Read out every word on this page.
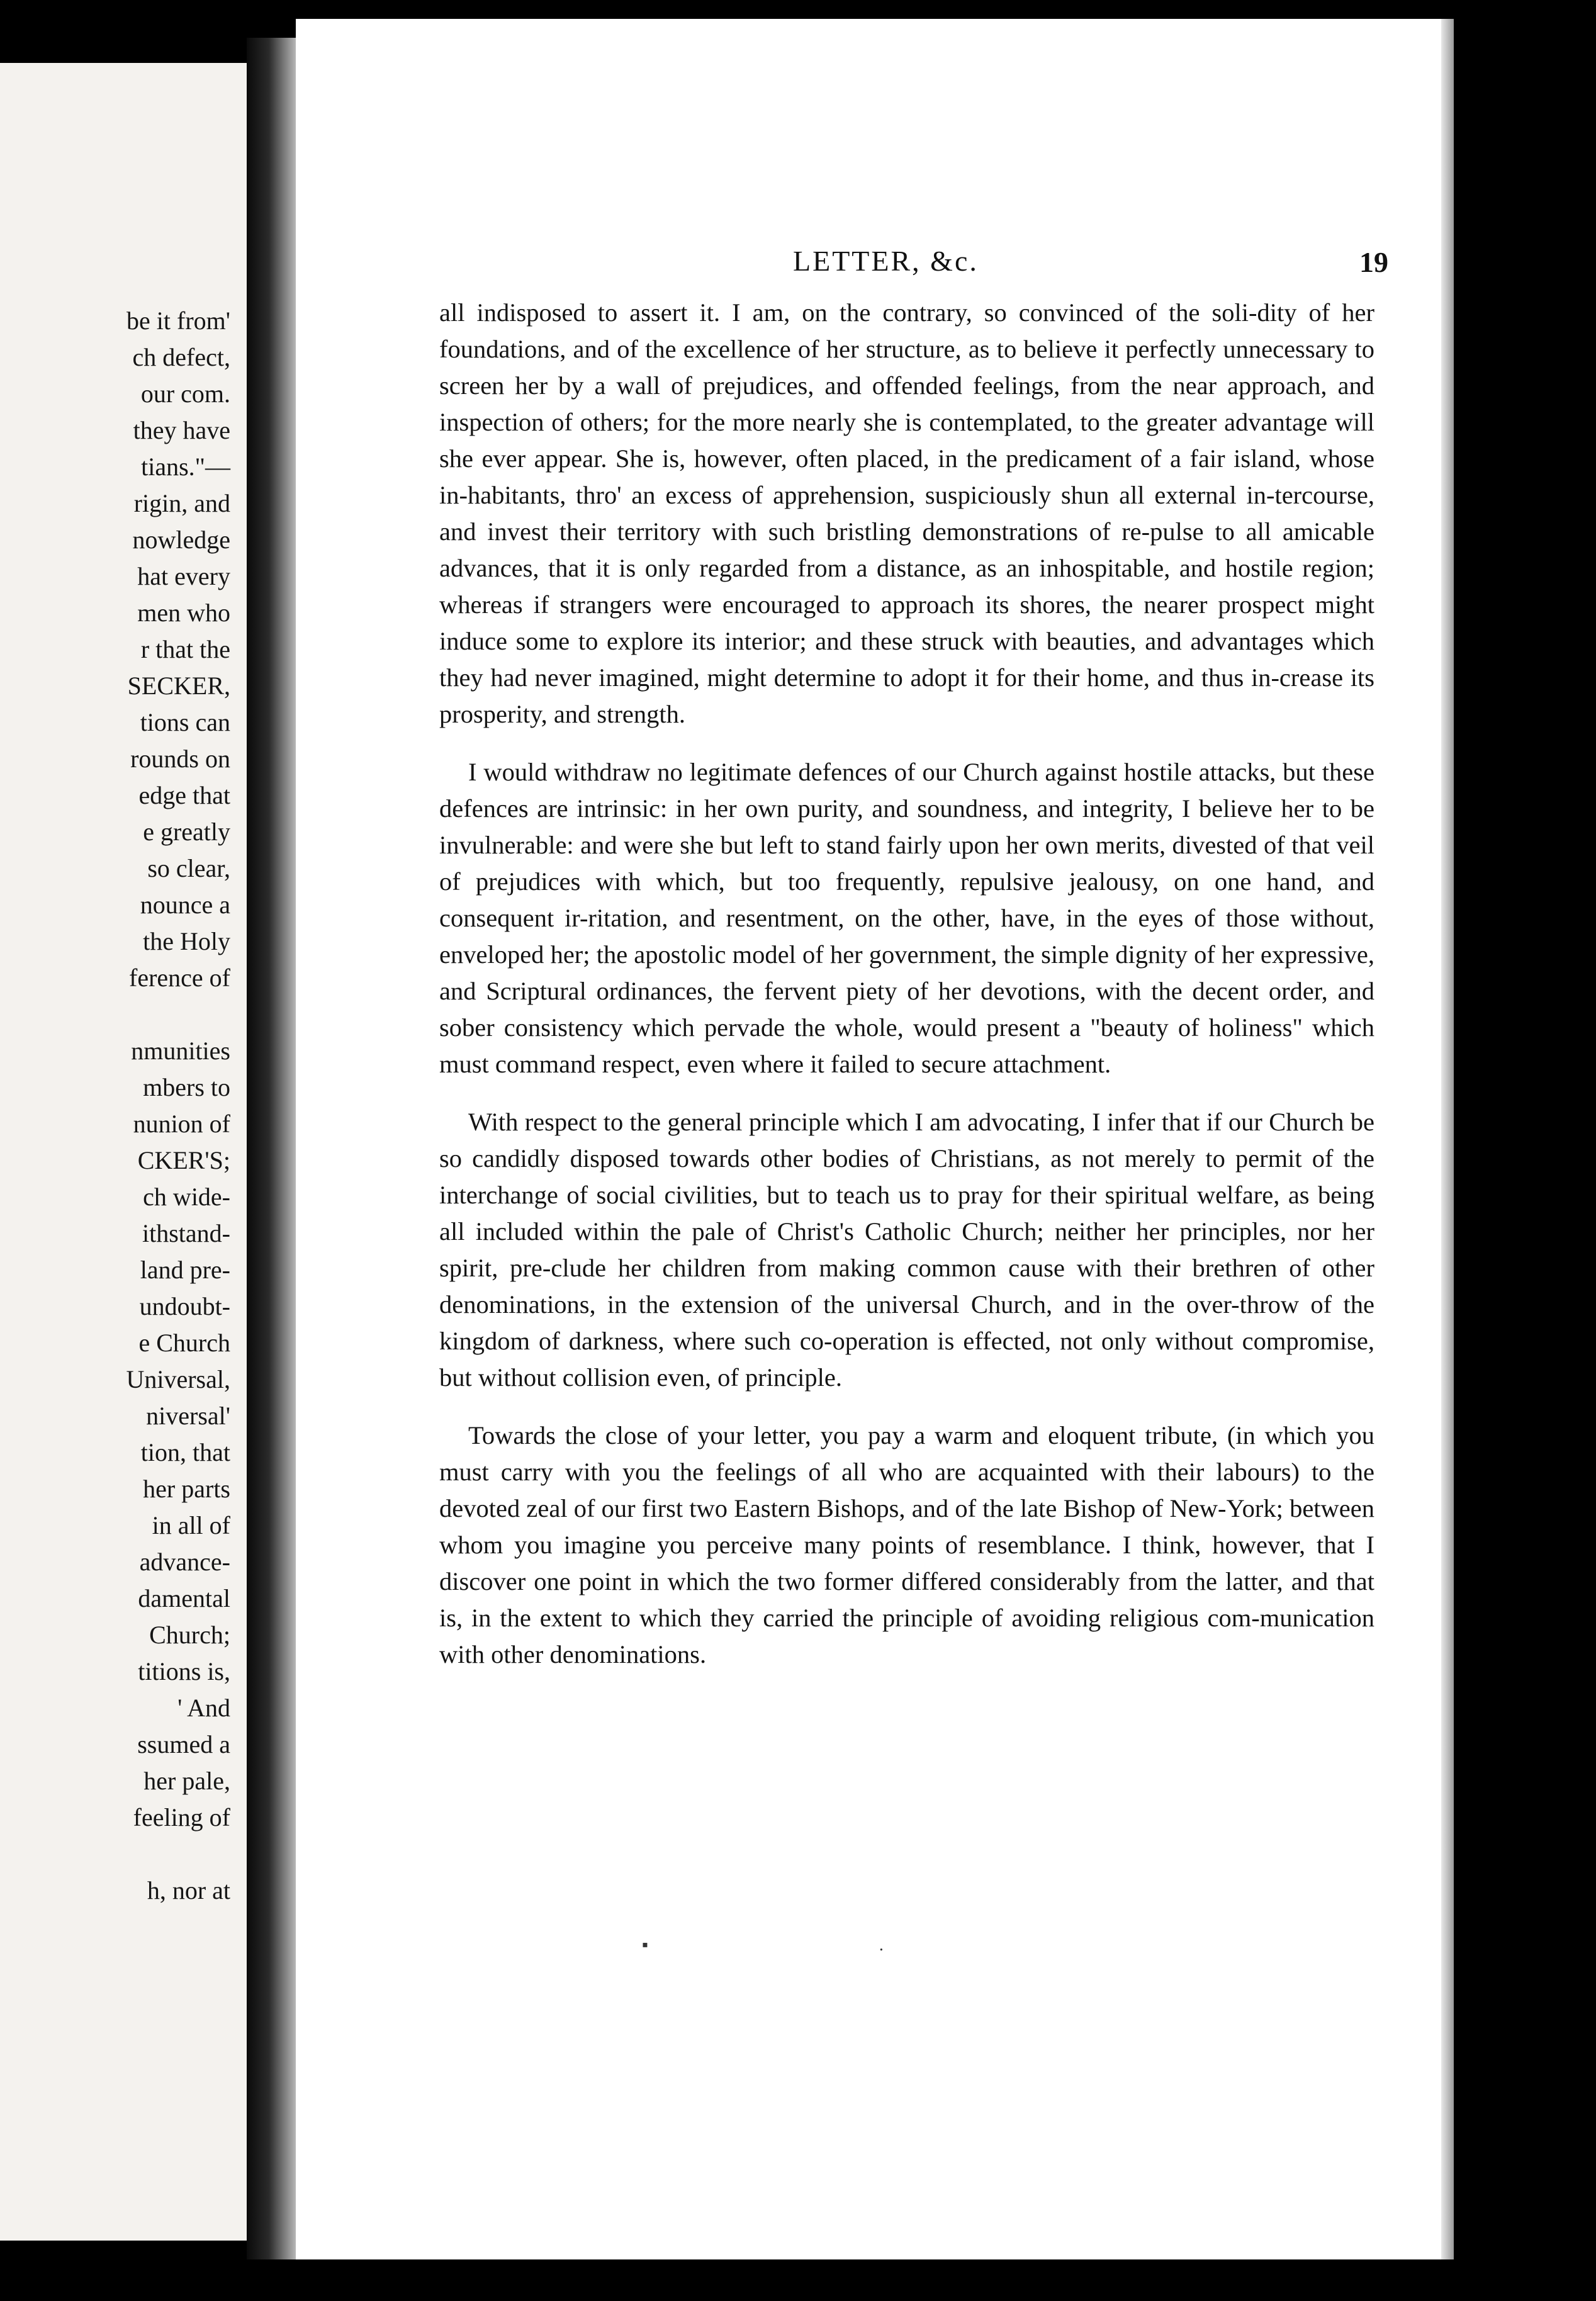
be it from'
ch defect,
our com.
they have
tians."—
rigin, and
nowledge
hat every
men who
r that the
SECKER,
tions can
rounds on
edge that
e greatly
so clear,
nounce a
the Holy
ference of
nmunities
mbers to
nunion of
CKER'S;
ch wide-
ithstand-
land pre-
undoubt-
e Church
Universal,
niversal'
tion, that
her parts
in all of
advance-
damental
Church;
titions is,
' And
ssumed a
her pale,
feeling of
h, nor at
LETTER, &c.	19

all indisposed to assert it. I am, on the contrary, so convinced of the soli-dity of her foundations, and of the excellence of her structure, as to believe it perfectly unnecessary to screen her by a wall of prejudices, and offended feelings, from the near approach, and inspection of others; for the more nearly she is contemplated, to the greater advantage will she ever appear. She is, however, often placed, in the predicament of a fair island, whose in-habitants, thro' an excess of apprehension, suspiciously shun all external in-tercourse, and invest their territory with such bristling demonstrations of re-pulse to all amicable advances, that it is only regarded from a distance, as an inhospitable, and hostile region; whereas if strangers were encouraged to approach its shores, the nearer prospect might induce some to explore its interior; and these struck with beauties, and advantages which they had never imagined, might determine to adopt it for their home, and thus in-crease its prosperity, and strength.

I would withdraw no legitimate defences of our Church against hostile attacks, but these defences are intrinsic: in her own purity, and soundness, and integrity, I believe her to be invulnerable: and were she but left to stand fairly upon her own merits, divested of that veil of prejudices with which, but too frequently, repulsive jealousy, on one hand, and consequent ir-ritation, and resentment, on the other, have, in the eyes of those without, enveloped her; the apostolic model of her government, the simple dignity of her expressive, and Scriptural ordinances, the fervent piety of her devotions, with the decent order, and sober consistency which pervade the whole, would present a "beauty of holiness" which must command respect, even where it failed to secure attachment.

With respect to the general principle which I am advocating, I infer that if our Church be so candidly disposed towards other bodies of Christians, as not merely to permit of the interchange of social civilities, but to teach us to pray for their spiritual welfare, as being all included within the pale of Christ's Catholic Church; neither her principles, nor her spirit, pre-clude her children from making common cause with their brethren of other denominations, in the extension of the universal Church, and in the over-throw of the kingdom of darkness, where such co-operation is effected, not only without compromise, but without collision even, of principle.

Towards the close of your letter, you pay a warm and eloquent tribute, (in which you must carry with you the feelings of all who are acquainted with their labours) to the devoted zeal of our first two Eastern Bishops, and of the late Bishop of New-York; between whom you imagine you perceive many points of resemblance. I think, however, that I discover one point in which the two former differed considerably from the latter, and that is, in the extent to which they carried the principle of avoiding religious com-munication with other denominations.

▪ .
